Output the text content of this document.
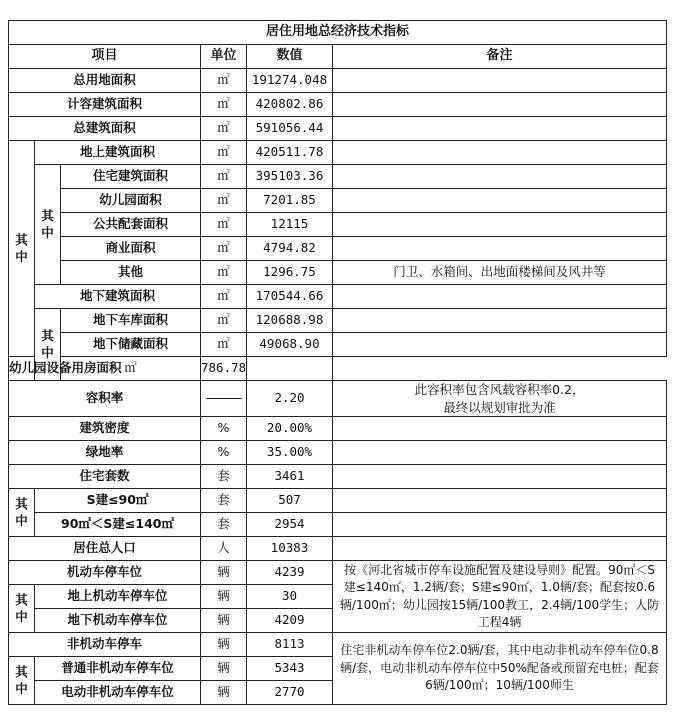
居住用地总经济技术指标					
项目			单位	数值	备注
总用地面积			㎡	191274.048	
计容建筑面积			㎡	420802.86	
总建筑面积			㎡	591056.44	
其中	地上建筑面积		㎡	420511.78	
	其中	住宅建筑面积	㎡	395103.36	
		幼儿园面积	㎡	7201.85	
		公共配套面积	㎡	12115	
		商业面积	㎡	4794.82	
		其他	㎡	1296.75	门卫、水箱间、出地面楼梯间及风井等
	地下建筑面积		㎡	170544.66	
	其中	地下车库面积	㎡	120688.98	
		地下储藏面积	㎡	49068.90	
幼儿园设备用房面积		㎡	786.78		
容积率				2.20	此容积率包含风载容积率0.2，
最终以规划审批为准

建筑密度			%	20.00%	
绿地率			%	35.00%	
住宅套数			套	3461	
其中	S建≤90㎡		套	507	
	90㎡＜S建≤140㎡		套	2954	
居住总人口			人	10383	
机动车停车位			辆	4239	按《河北省城市停车设施配置及建设导则》配置。90㎡＜S建≤140㎡，1.2辆/套；S建≤90㎡，1.0辆/套；配套按0.6辆/100㎡；幼儿园按15辆/100教工，2.4辆/100学生；人防工程4辆
其中	地上机动车停车位		辆	30	
	地下机动车停车位		辆	4209	
非机动车停车			辆	8113	住宅非机动车停车位2.0辆/套，其中电动非机动车停车位0.8辆/套，电动非机动车停车位中50%配备或预留充电桩；配套6辆/100㎡；10辆/100师生
其中	普通非机动车停车位		辆	5343	
	电动非机动车停车位		辆	2770	
